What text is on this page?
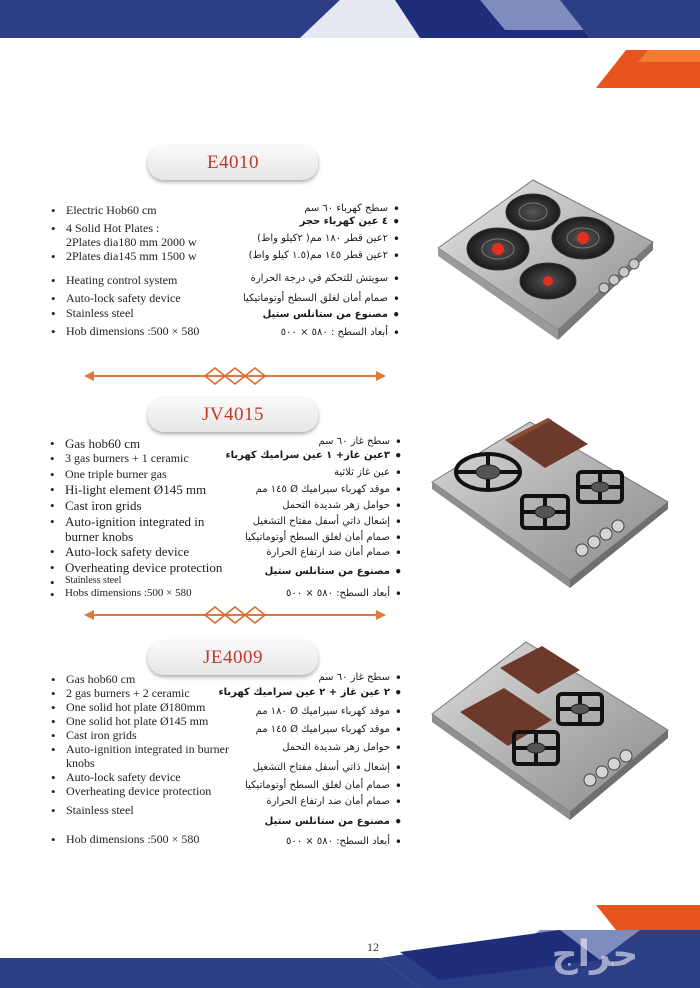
E4010
• Electric Hob60 cm
• 4 Solid Hot Plates :
2Plates dia180 mm 2000 w
• 2Plates dia145 mm 1500 w
• Heating control system
• Auto-lock safety device
• Stainless steel
• Hob dimensions :500 × 580
• سطح كهرباء ٦٠ سم
• ٤ عين كهرباء حجر
• ٢عين قطر ١٨٠ مم( ٢كيلو واط)
• ٢عين قطر ١٤٥ مم(١.٥ كيلو واط)
• سويتش للتحكم في درجة الحرارة
• صمام أمان لغلق السطح أوتوماتيكيا
• مصنوع من ستانلس ستيل
• أبعاد السطح : ٥٨٠ × ٥٠٠
JV4015
• Gas hob60 cm
• 3 gas burners + 1 ceramic
• One triple burner gas
• Hi-light element Ø145 mm
• Cast iron grids
• Auto-ignition integrated in
burner knobs
• Auto-lock safety device
• Overheating device protection
• Stainless steel
• Hobs dimensions :500 × 580
• سطح غاز ٦٠ سم
• ٣عين غاز+ ١ عين سراميك كهرباء
• عين غاز ثلاثية
• موقد كهرباء سيراميك Ø ١٤٥ مم
• حوامل زهر شديدة التحمل
• إشعال ذاتي أسفل مفتاح التشغيل
• صمام أمان لغلق السطح أوتوماتيكيا
• صمام أمان ضد ارتفاع الحرارة
• مصنوع من ستانلس ستيل
• أبعاد السطح: ٥٨٠ × ٥٠٠
JE4009
• Gas hob60 cm
• 2 gas burners + 2 ceramic
• One solid hot plate Ø180mm
• One solid hot plate Ø145 mm
• Cast iron grids
• Auto-ignition integrated in burner
knobs
• Auto-lock safety device
• Overheating device protection
• Stainless steel
• Hob dimensions :500 × 580
• سطح غاز ٦٠ سم
• ٢ عين غاز + ٢ عين سراميك كهرباء
• موقد كهرباء سيراميك Ø ١٨٠ مم
• موقد كهرباء سيراميك Ø ١٤٥ مم
• حوامل زهر شديدة التحمل
• إشعال ذاتي أسفل مفتاح التشغيل
• صمام أمان لغلق السطح أوتوماتيكيا
• صمام أمان ضد ارتفاع الحرارة
• مصنوع من ستانلس ستيل
• أبعاد السطح: ٥٨٠ × ٥٠٠
12	حراج
